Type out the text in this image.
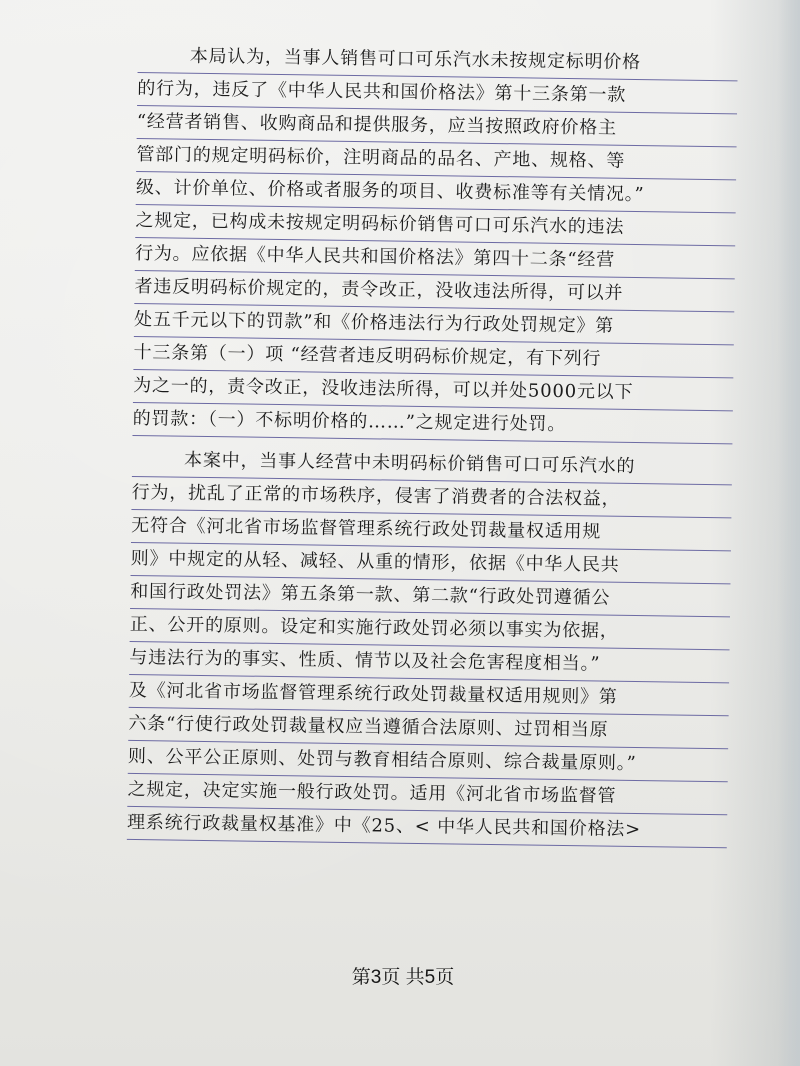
本局认为，当事人销售可口可乐汽水未按规定标明价格
的行为，违反了《中华人民共和国价格法》第十三条第一款
“经营者销售、收购商品和提供服务，应当按照政府价格主
管部门的规定明码标价，注明商品的品名、产地、规格、等
级、计价单位、价格或者服务的项目、收费标准等有关情况。”
之规定，已构成未按规定明码标价销售可口可乐汽水的违法
行为。应依据《中华人民共和国价格法》第四十二条“经营
者违反明码标价规定的，责令改正，没收违法所得，可以并
处五千元以下的罚款”和《价格违法行为行政处罚规定》第
十三条第（一）项 “经营者违反明码标价规定，有下列行
为之一的，责令改正，没收违法所得，可以并处5000元以下
的罚款：（一）不标明价格的……”之规定进行处罚。
本案中，当事人经营中未明码标价销售可口可乐汽水的
行为，扰乱了正常的市场秩序，侵害了消费者的合法权益，
无符合《河北省市场监督管理系统行政处罚裁量权适用规
则》中规定的从轻、减轻、从重的情形，依据《中华人民共
和国行政处罚法》第五条第一款、第二款“行政处罚遵循公
正、公开的原则。设定和实施行政处罚必须以事实为依据，
与违法行为的事实、性质、情节以及社会危害程度相当。”
及《河北省市场监督管理系统行政处罚裁量权适用规则》第
六条“行使行政处罚裁量权应当遵循合法原则、过罚相当原
则、公平公正原则、处罚与教育相结合原则、综合裁量原则。”
之规定，决定实施一般行政处罚。适用《河北省市场监督管
理系统行政裁量权基准》中《25、< 中华人民共和国价格法>
第3页 共5页
